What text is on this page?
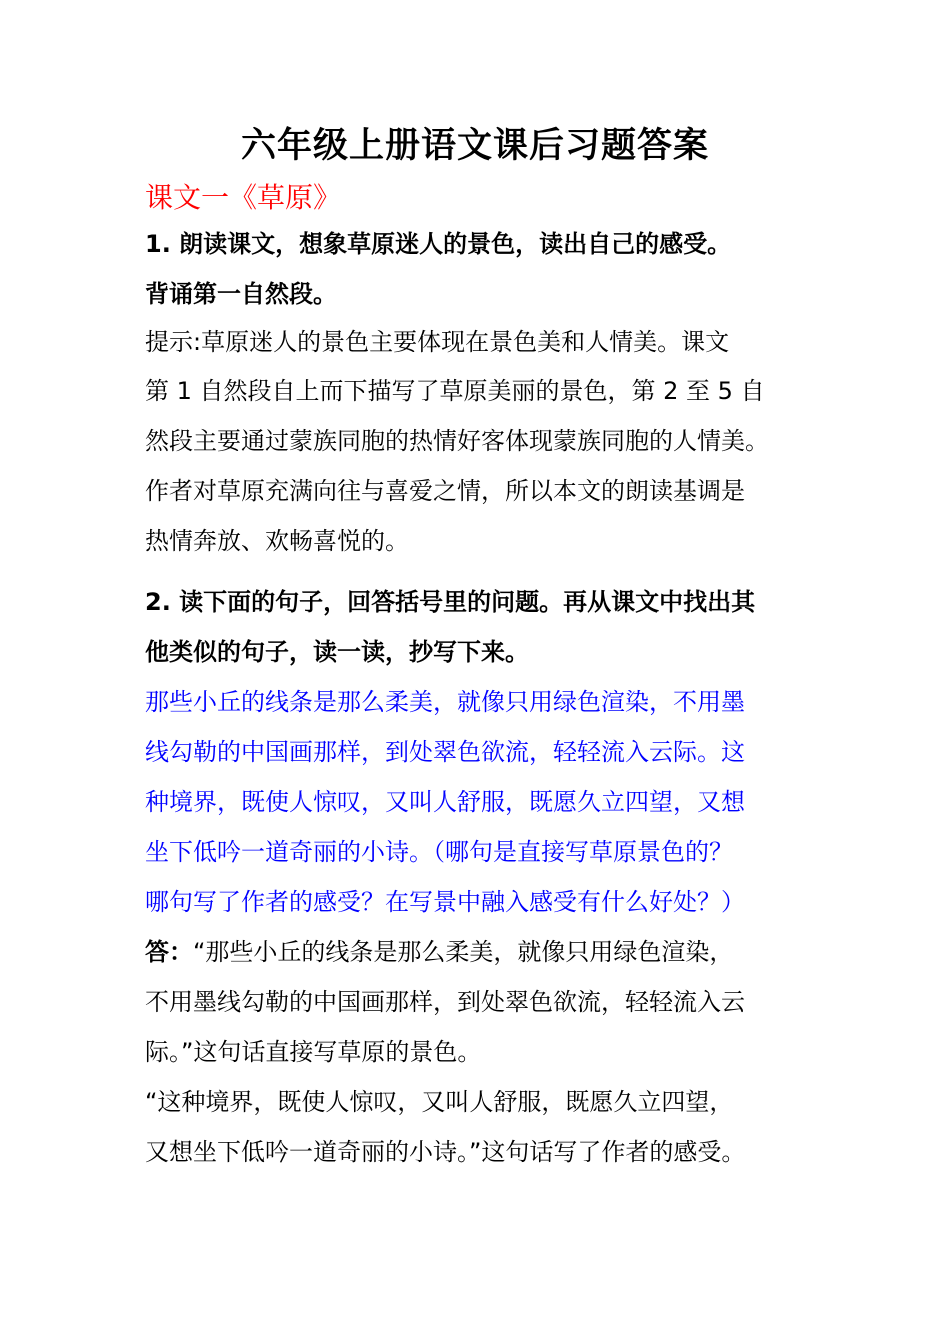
六年级上册语文课后习题答案
课文一《草原》
1. 朗读课文，想象草原迷人的景色，读出自己的感受。
背诵第一自然段。
提示:草原迷人的景色主要体现在景色美和人情美。课文
第 1 自然段自上而下描写了草原美丽的景色，第 2 至 5 自
然段主要通过蒙族同胞的热情好客体现蒙族同胞的人情美。
作者对草原充满向往与喜爱之情，所以本文的朗读基调是
热情奔放、欢畅喜悦的。
2. 读下面的句子，回答括号里的问题。再从课文中找出其
他类似的句子，读一读，抄写下来。
那些小丘的线条是那么柔美，就像只用绿色渲染，不用墨
线勾勒的中国画那样，到处翠色欲流，轻轻流入云际。这
种境界，既使人惊叹，又叫人舒服，既愿久立四望，又想
坐下低吟一道奇丽的小诗。（哪句是直接写草原景色的？
哪句写了作者的感受？在写景中融入感受有什么好处？）
答：“那些小丘的线条是那么柔美，就像只用绿色渲染，
不用墨线勾勒的中国画那样，到处翠色欲流，轻轻流入云
际。”这句话直接写草原的景色。
“这种境界，既使人惊叹，又叫人舒服，既愿久立四望，
又想坐下低吟一道奇丽的小诗。”这句话写了作者的感受。
